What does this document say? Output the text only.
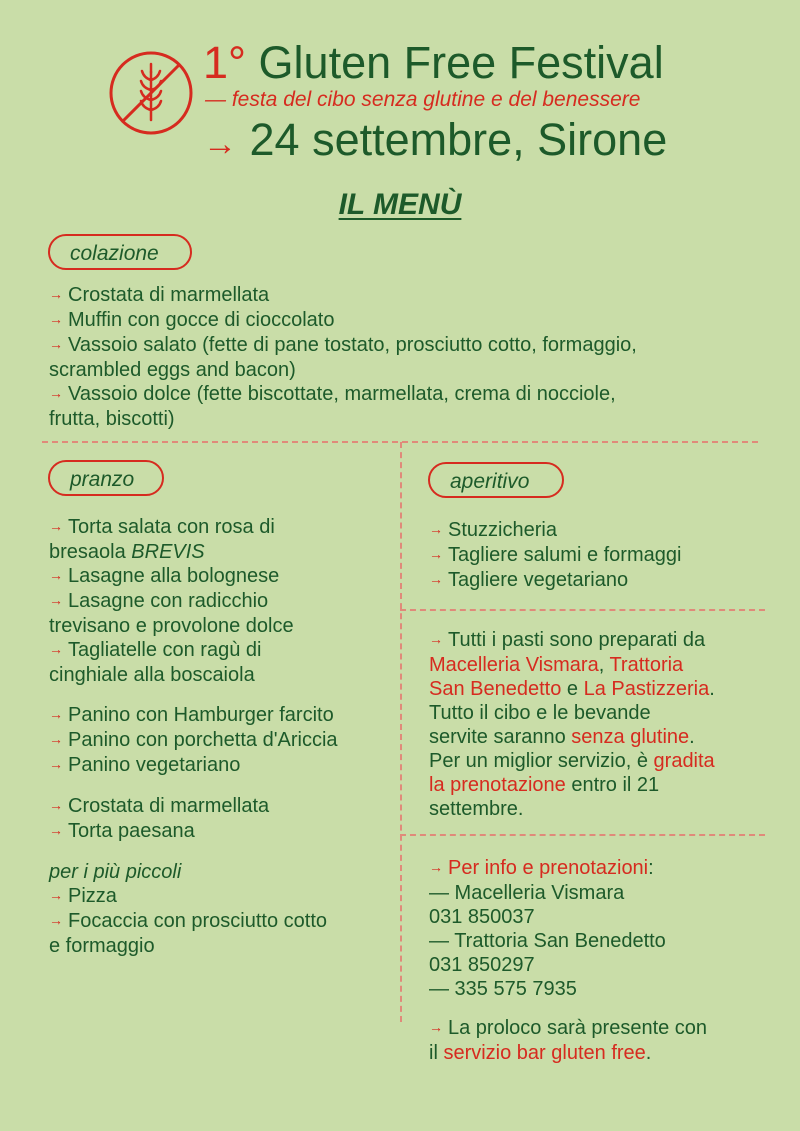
1° Gluten Free Festival
— festa del cibo senza glutine e del benessere
→ 24 settembre, Sirone
IL MENÙ
colazione
→ Crostata di marmellata
→ Muffin con gocce di cioccolato
→ Vassoio salato (fette di pane tostato, prosciutto cotto, formaggio,
scrambled eggs and bacon)
→ Vassoio dolce (fette biscottate, marmellata, crema di nocciole,
frutta, biscotti)
pranzo
→ Torta salata con rosa di
bresaola BREVIS
→ Lasagne alla bolognese
→ Lasagne con radicchio
trevisano e provolone dolce
→ Tagliatelle con ragù di
cinghiale alla boscaiola
→ Panino con Hamburger farcito
→ Panino con porchetta d'Ariccia
→ Panino vegetariano
→ Crostata di marmellata
→ Torta paesana
per i più piccoli
→ Pizza
→ Focaccia con prosciutto cotto
e formaggio
aperitivo
→ Stuzzicheria
→ Tagliere salumi e formaggi
→ Tagliere vegetariano
→ Tutti i pasti sono preparati da
Macelleria Vismara, Trattoria
San Benedetto e La Pastizzeria.
Tutto il cibo e le bevande
servite saranno senza glutine.
Per un miglior servizio, è gradita
la prenotazione entro il 21
settembre.
→ Per info e prenotazioni:
— Macelleria Vismara
031 850037
— Trattoria San Benedetto
031 850297
— 335 575 7935
→ La proloco sarà presente con
il servizio bar gluten free.
